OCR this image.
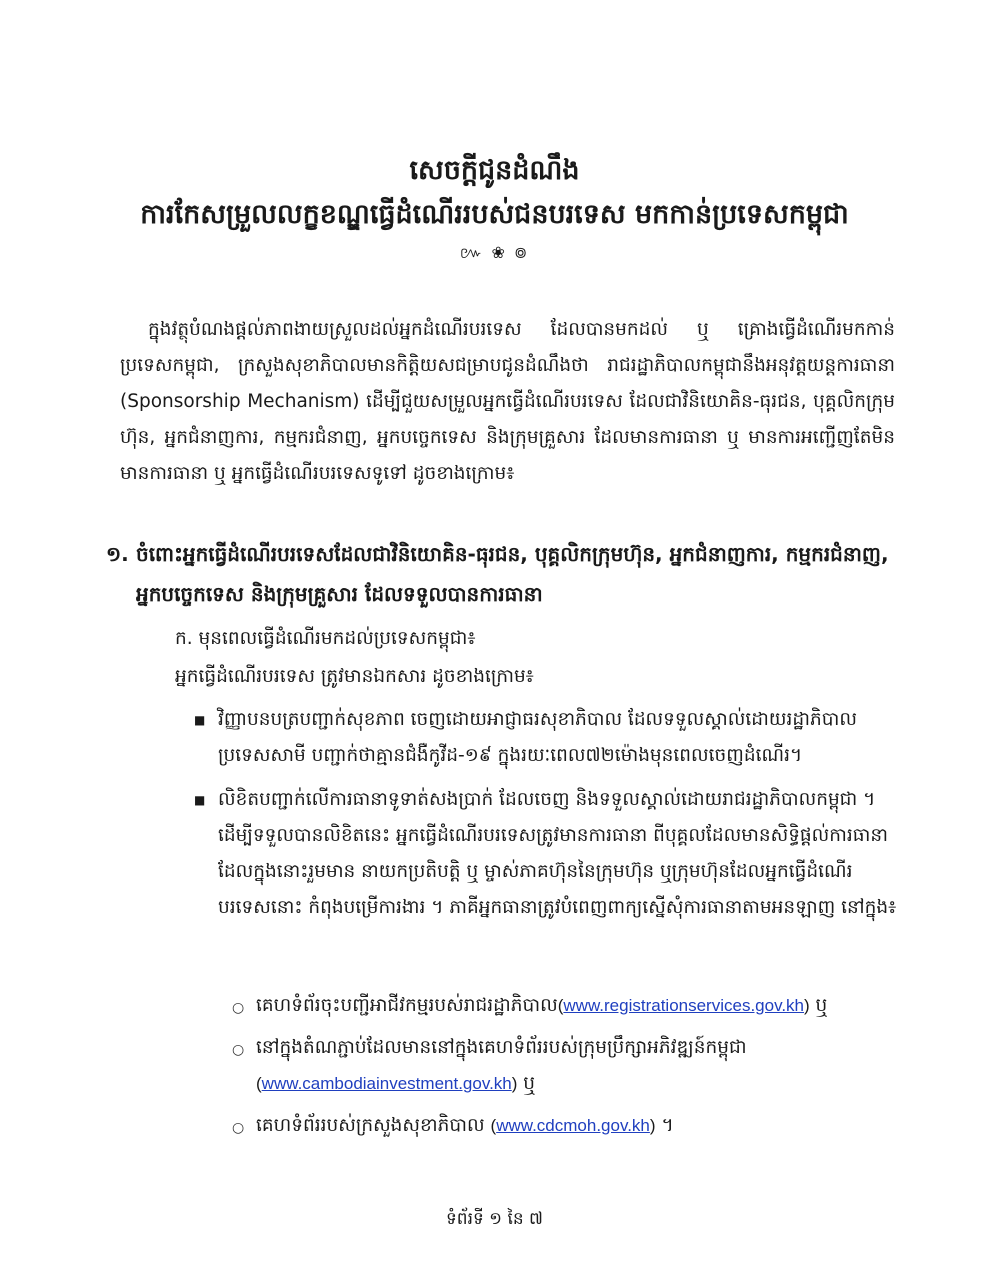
សេចក្ដីជូនដំណឹង
ការកែសម្រួលលក្ខខណ្ឌធ្វើដំណើររបស់ជនបរទេស មកកាន់ប្រទេសកម្ពុជា
៚ ❀ ៙
ក្នុងវត្ថុបំណងផ្ដល់ភាពងាយស្រួលដល់អ្នកដំណើរបរទេស ដែលបានមកដល់ ឬ គ្រោងធ្វើដំណើរមកកាន់ប្រទេសកម្ពុជា, ក្រសួងសុខាភិបាលមានកិត្តិយសជម្រាបជូនដំណឹងថា រាជរដ្ឋាភិបាលកម្ពុជានឹងអនុវត្តយន្តការធានា (Sponsorship Mechanism) ដើម្បីជួយសម្រួលអ្នកធ្វើដំណើរបរទេស ដែលជាវិនិយោគិន-ធុរជន, បុគ្គលិកក្រុមហ៊ុន, អ្នកជំនាញការ, កម្មករជំនាញ, អ្នកបច្ចេកទេស និងក្រុមគ្រួសារ ដែលមានការធានា ឬ មានការអញ្ជើញតែមិនមានការធានា ឬ អ្នកធ្វើដំណើរបរទេសទូទៅ ដូចខាងក្រោម៖
១. ចំពោះអ្នកធ្វើដំណើរបរទេសដែលជាវិនិយោគិន-ធុរជន, បុគ្គលិកក្រុមហ៊ុន, អ្នកជំនាញការ, កម្មករជំនាញ, អ្នកបច្ចេកទេស និងក្រុមគ្រួសារ ដែលទទួលបានការធានា
ក. មុនពេលធ្វើដំណើរមកដល់ប្រទេសកម្ពុជា៖
អ្នកធ្វើដំណើរបរទេស ត្រូវមានឯកសារ ដូចខាងក្រោម៖
■ វិញ្ញាបនបត្របញ្ជាក់សុខភាព ចេញដោយអាជ្ញាធរសុខាភិបាល ដែលទទួលស្គាល់ដោយរដ្ឋាភិបាលប្រទេសសាមី បញ្ជាក់ថាគ្មានជំងឺកូវីដ-១៩ ក្នុងរយៈពេល៧២ម៉ោងមុនពេលចេញដំណើរ។
■ លិខិតបញ្ជាក់លើការធានាទូទាត់សងប្រាក់ ដែលចេញ និងទទួលស្គាល់ដោយរាជរដ្ឋាភិបាលកម្ពុជា ។ ដើម្បីទទួលបានលិខិតនេះ អ្នកធ្វើដំណើរបរទេសត្រូវមានការធានា ពីបុគ្គលដែលមានសិទ្ធិផ្ដល់ការធានា ដែលក្នុងនោះរួមមាន នាយកប្រតិបត្តិ ឬ ម្ចាស់ភាគហ៊ុននៃក្រុមហ៊ុន ឬក្រុមហ៊ុនដែលអ្នកធ្វើដំណើរបរទេសនោះ កំពុងបម្រើការងារ ។ ភាគីអ្នកធានាត្រូវបំពេញពាក្យស្នើសុំការធានាតាមអនឡាញ នៅក្នុង៖
○ គេហទំព័រចុះបញ្ជីអាជីវកម្មរបស់រាជរដ្ឋាភិបាល(www.registrationservices.gov.kh) ឬ
○ នៅក្នុងតំណភ្ជាប់ដែលមាននៅក្នុងគេហទំព័ររបស់ក្រុមប្រឹក្សាអភិវឌ្ឍន៍កម្ពុជា
(www.cambodiainvestment.gov.kh) ឬ
○ គេហទំព័ររបស់ក្រសួងសុខាភិបាល (www.cdcmoh.gov.kh) ។
ទំព័រទី ១ នៃ ៧
